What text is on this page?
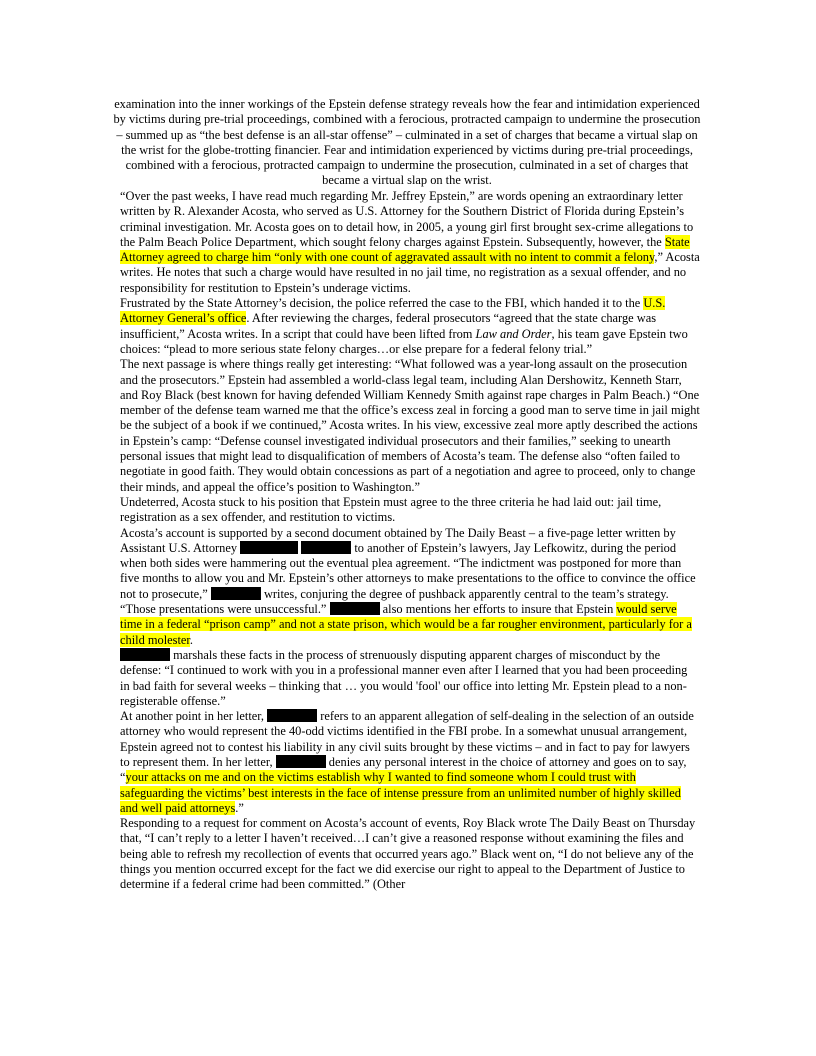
examination into the inner workings of the Epstein defense strategy reveals how the fear and intimidation experienced by victims during pre-trial proceedings, combined with a ferocious, protracted campaign to undermine the prosecution – summed up as “the best defense is an all-star offense” – culminated in a set of charges that became a virtual slap on the wrist for the globe-trotting financier. Fear and intimidation experienced by victims during pre-trial proceedings, combined with a ferocious, protracted campaign to undermine the prosecution, culminated in a set of charges that became a virtual slap on the wrist.

“Over the past weeks, I have read much regarding Mr. Jeffrey Epstein,” are words opening an extraordinary letter written by R. Alexander Acosta, who served as U.S. Attorney for the Southern District of Florida during Epstein’s criminal investigation. Mr. Acosta goes on to detail how, in 2005, a young girl first brought sex-crime allegations to the Palm Beach Police Department, which sought felony charges against Epstein. Subsequently, however, the State Attorney agreed to charge him “only with one count of aggravated assault with no intent to commit a felony,” Acosta writes. He notes that such a charge would have resulted in no jail time, no registration as a sexual offender, and no responsibility for restitution to Epstein’s underage victims.

Frustrated by the State Attorney’s decision, the police referred the case to the FBI, which handed it to the U.S. Attorney General’s office. After reviewing the charges, federal prosecutors “agreed that the state charge was insufficient,” Acosta writes. In a script that could have been lifted from Law and Order, his team gave Epstein two choices: “plead to more serious state felony charges…or else prepare for a federal felony trial.”

The next passage is where things really get interesting: “What followed was a year-long assault on the prosecution and the prosecutors.” Epstein had assembled a world-class legal team, including Alan Dershowitz, Kenneth Starr, and Roy Black (best known for having defended William Kennedy Smith against rape charges in Palm Beach.) “One member of the defense team warned me that the office’s excess zeal in forcing a good man to serve time in jail might be the subject of a book if we continued,” Acosta writes. In his view, excessive zeal more aptly described the actions in Epstein’s camp: “Defense counsel investigated individual prosecutors and their families,” seeking to unearth personal issues that might lead to disqualification of members of Acosta’s team. The defense also “often failed to negotiate in good faith. They would obtain concessions as part of a negotiation and agree to proceed, only to change their minds, and appeal the office’s position to Washington.”

Undeterred, Acosta stuck to his position that Epstein must agree to the three criteria he had laid out: jail time, registration as a sex offender, and restitution to victims.

Acosta’s account is supported by a second document obtained by The Daily Beast – a five-page letter written by Assistant U.S. Attorney	to another of Epstein’s lawyers, Jay Lefkowitz, during the period when both sides were hammering out the eventual plea agreement. “The indictment was postponed for more than five months to allow you and Mr. Epstein’s other attorneys to make presentations to the office to convince the office not to prosecute,”	writes, conjuring the degree of pushback apparently central to the team’s strategy. “Those presentations were unsuccessful.”	also mentions her efforts to insure that Epstein would serve time in a federal “prison camp” and not a state prison, which would be a far rougher environment, particularly for a child molester.

marshals these facts in the process of strenuously disputing apparent charges of misconduct by the defense: “I continued to work with you in a professional manner even after I learned that you had been proceeding in bad faith for several weeks – thinking that … you would 'fool' our office into letting Mr. Epstein plead to a non-registerable offense.”

At another point in her letter,	refers to an apparent allegation of self-dealing in the selection of an outside attorney who would represent the 40-odd victims identified in the FBI probe. In a somewhat unusual arrangement, Epstein agreed not to contest his liability in any civil suits brought by these victims – and in fact to pay for lawyers to represent them. In her letter,	denies any personal interest in the choice of attorney and goes on to say, “your attacks on me and on the victims establish why I wanted to find someone whom I could trust with safeguarding the victims’ best interests in the face of intense pressure from an unlimited number of highly skilled and well paid attorneys.”

Responding to a request for comment on Acosta’s account of events, Roy Black wrote The Daily Beast on Thursday that, “I can’t reply to a letter I haven’t received…I can’t give a reasoned response without examining the files and being able to refresh my recollection of events that occurred years ago.” Black went on, “I do not believe any of the things you mention occurred except for the fact we did exercise our right to appeal to the Department of Justice to determine if a federal crime had been committed.” (Other
